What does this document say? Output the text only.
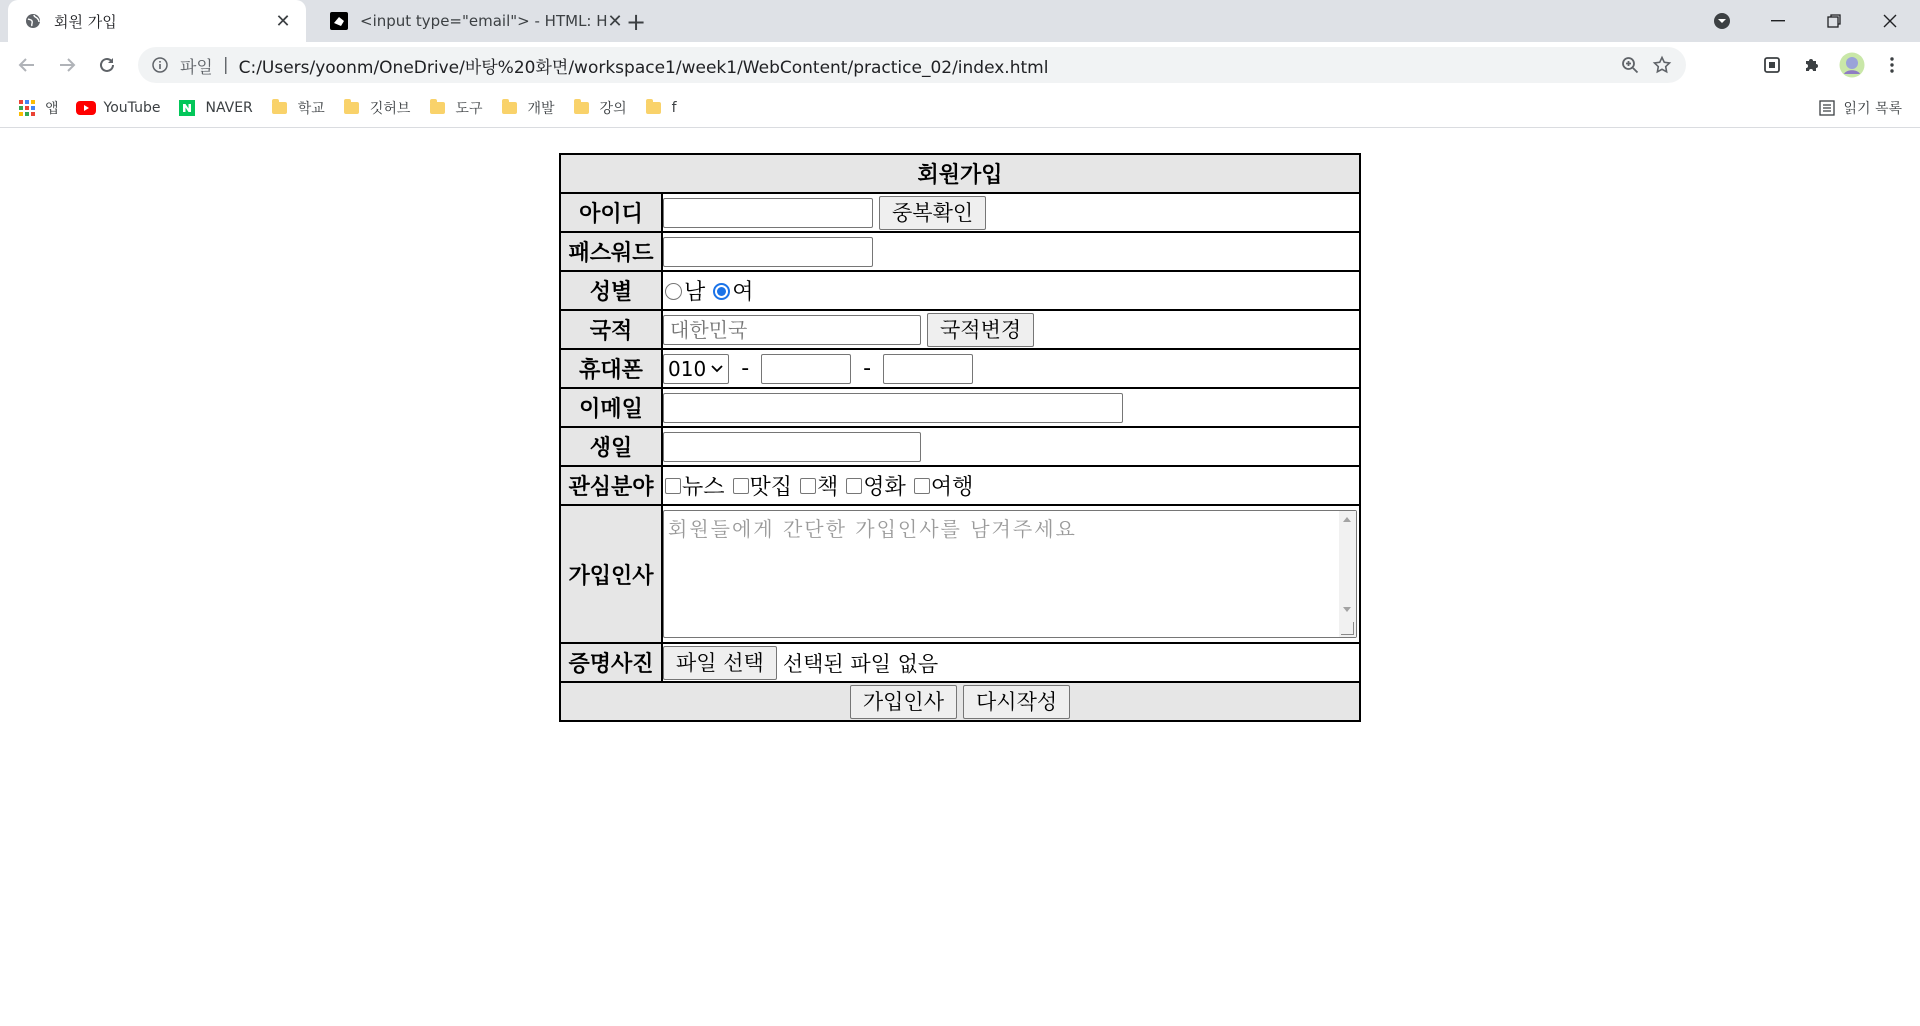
회원 가입	✕	<input type="email"> - HTML: H ✕ +
파일 | C:/Users/yoonm/OneDrive/바탕%20화면/workspace1/week1/WebContent/practice_02/index.html
앱	YouTube	NAVER	학교	깃허브	도구	개발	강의	f	읽기 목록
회원가입	
아이디	중복확인
패스워드	
성별	남 여
국적	대한민국 국적변경
휴대폰	010 - -
이메일	
생일	
관심분야	뉴스 맛집 책 영화 여행
가입인사	회원들에게 간단한 가입인사를 남겨주세요

증명사진	파일 선택 선택된 파일 없음
가입인사 다시작성	
